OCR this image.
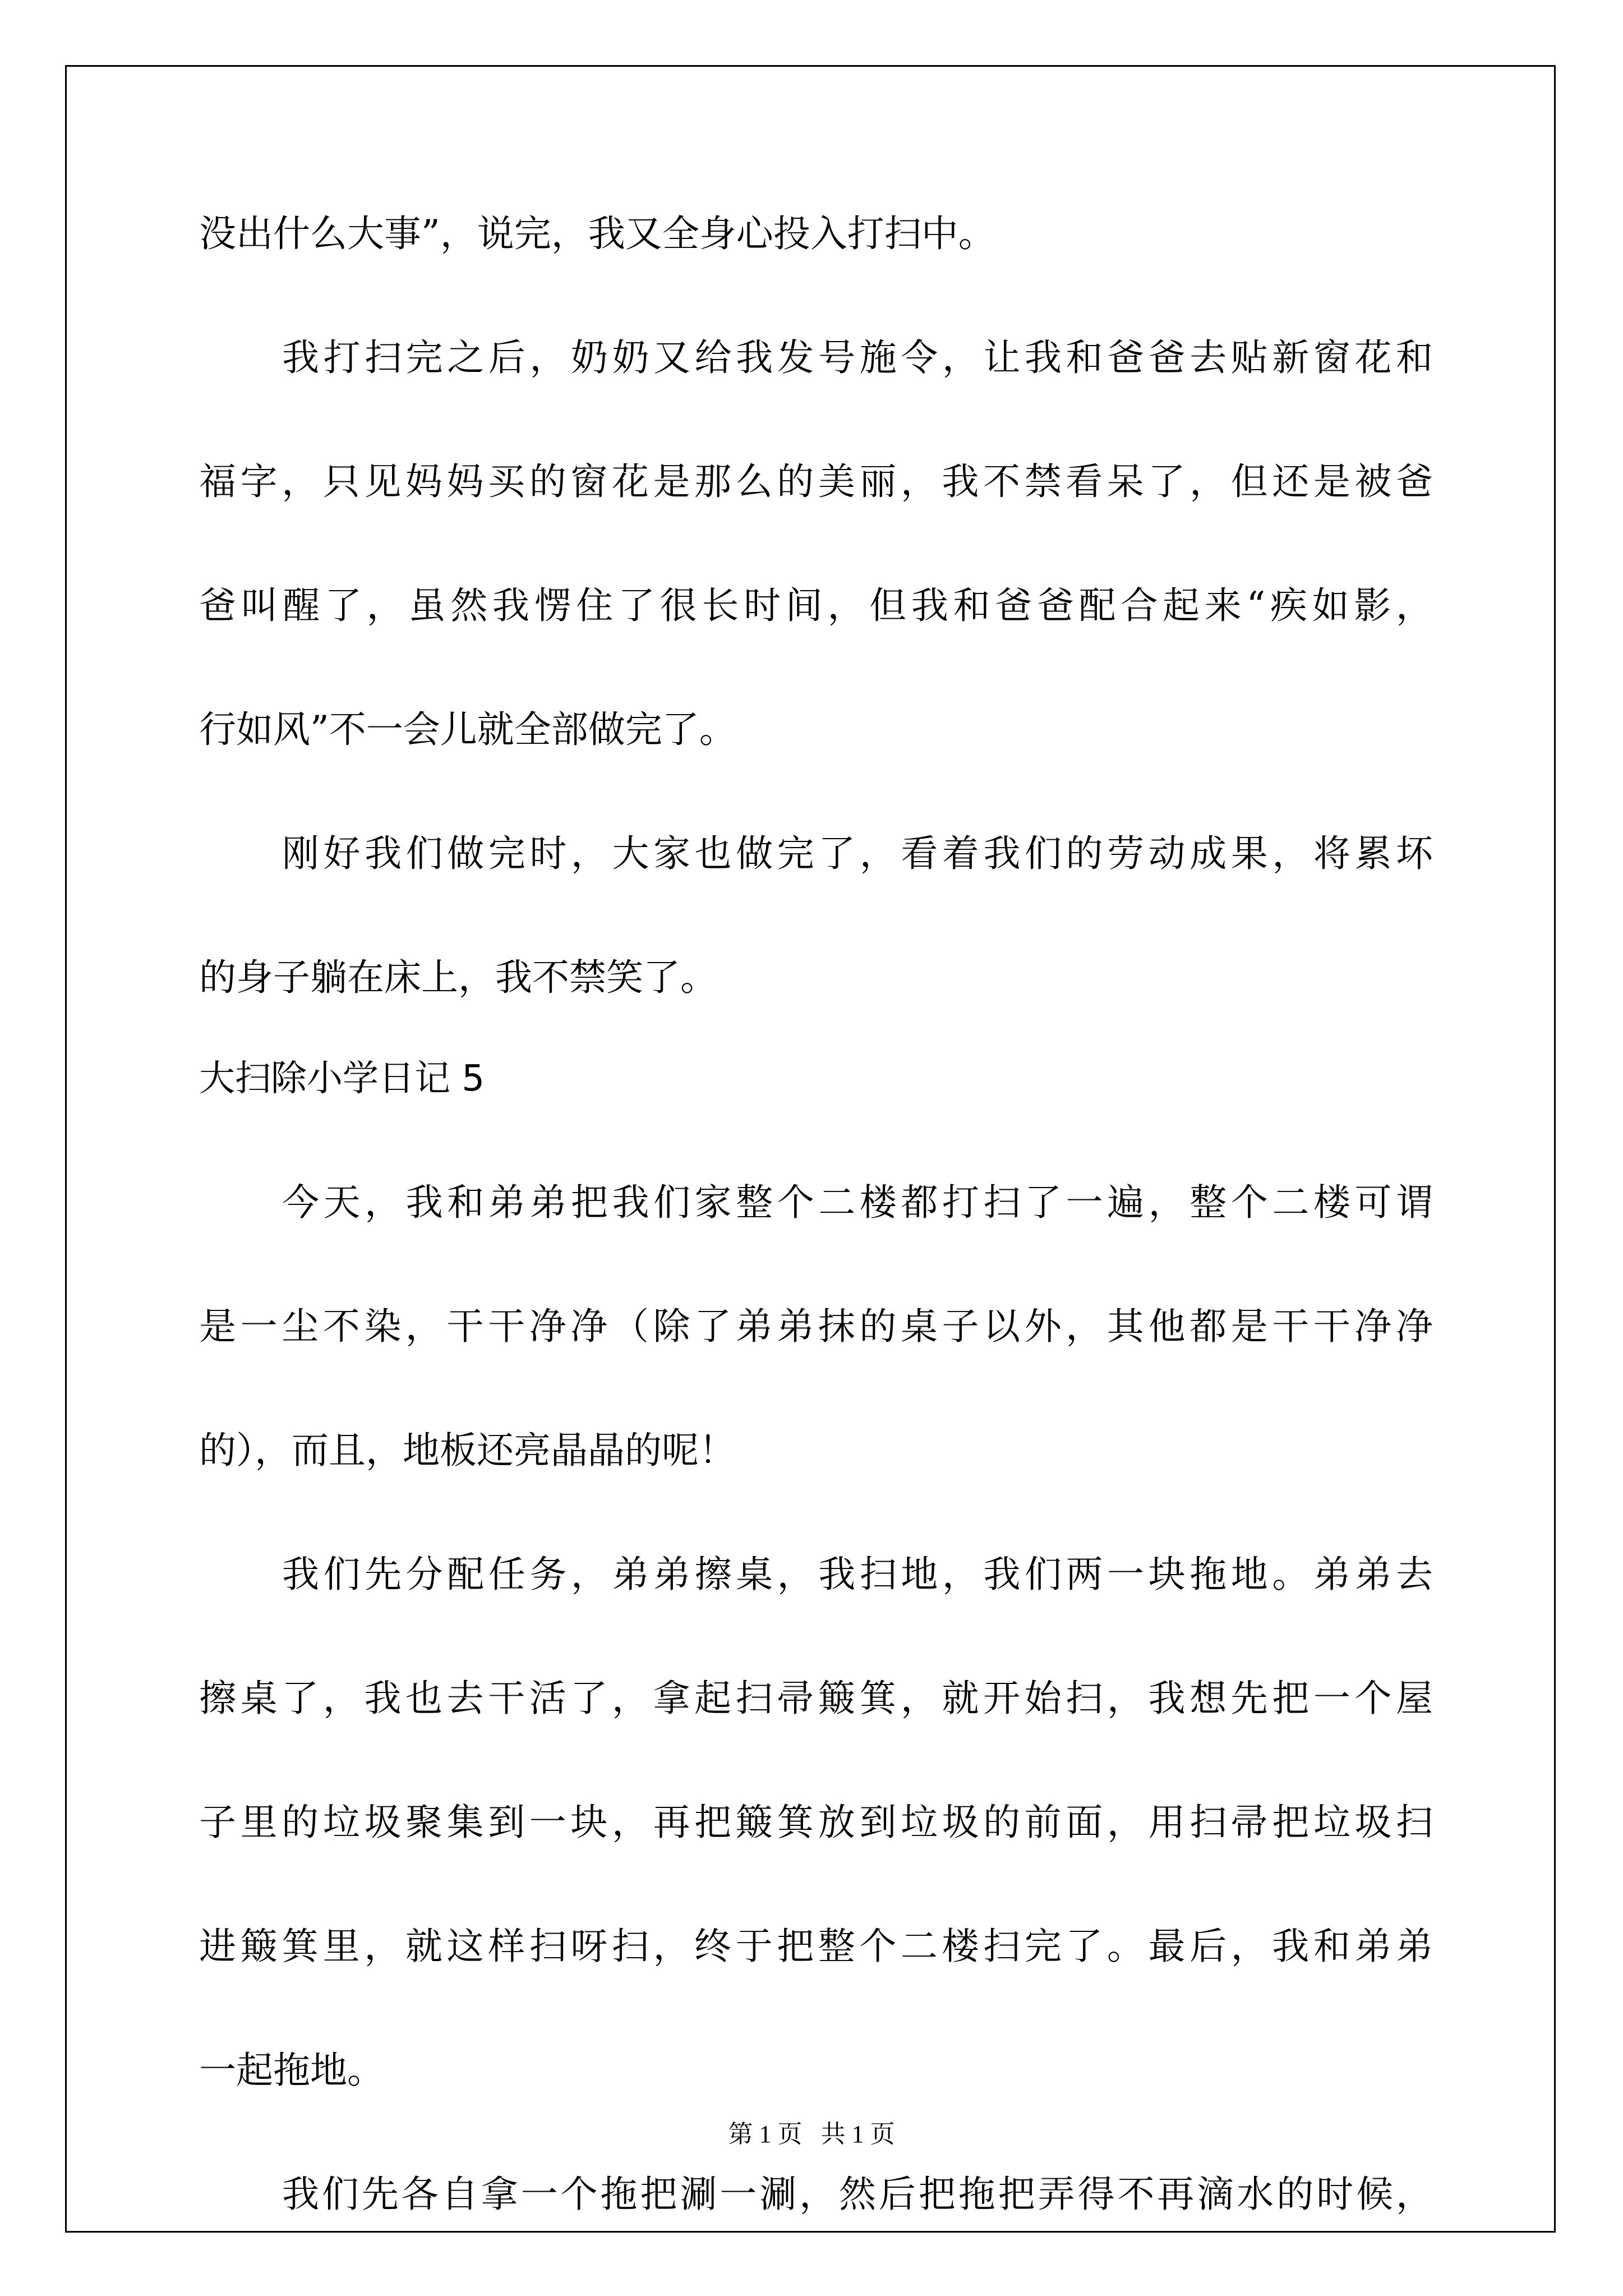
没出什么大事”，说完，我又全身心投入打扫中。
我打扫完之后，奶奶又给我发号施令，让我和爸爸去贴新窗花和
福字，只见妈妈买的窗花是那么的美丽，我不禁看呆了，但还是被爸
爸叫醒了，虽然我愣住了很长时间，但我和爸爸配合起来“疾如影，
行如风”不一会儿就全部做完了。
刚好我们做完时，大家也做完了，看着我们的劳动成果，将累坏
的身子躺在床上，我不禁笑了。
大扫除小学日记 5
今天，我和弟弟把我们家整个二楼都打扫了一遍，整个二楼可谓
是一尘不染，干干净净（除了弟弟抹的桌子以外，其他都是干干净净
的），而且，地板还亮晶晶的呢！
我们先分配任务，弟弟擦桌，我扫地，我们两一块拖地。弟弟去
擦桌了，我也去干活了，拿起扫帚簸箕，就开始扫，我想先把一个屋
子里的垃圾聚集到一块，再把簸箕放到垃圾的前面，用扫帚把垃圾扫
进簸箕里，就这样扫呀扫，终于把整个二楼扫完了。最后，我和弟弟
一起拖地。
我们先各自拿一个拖把涮一涮，然后把拖把弄得不再滴水的时候，
第 1 页 共 1 页
